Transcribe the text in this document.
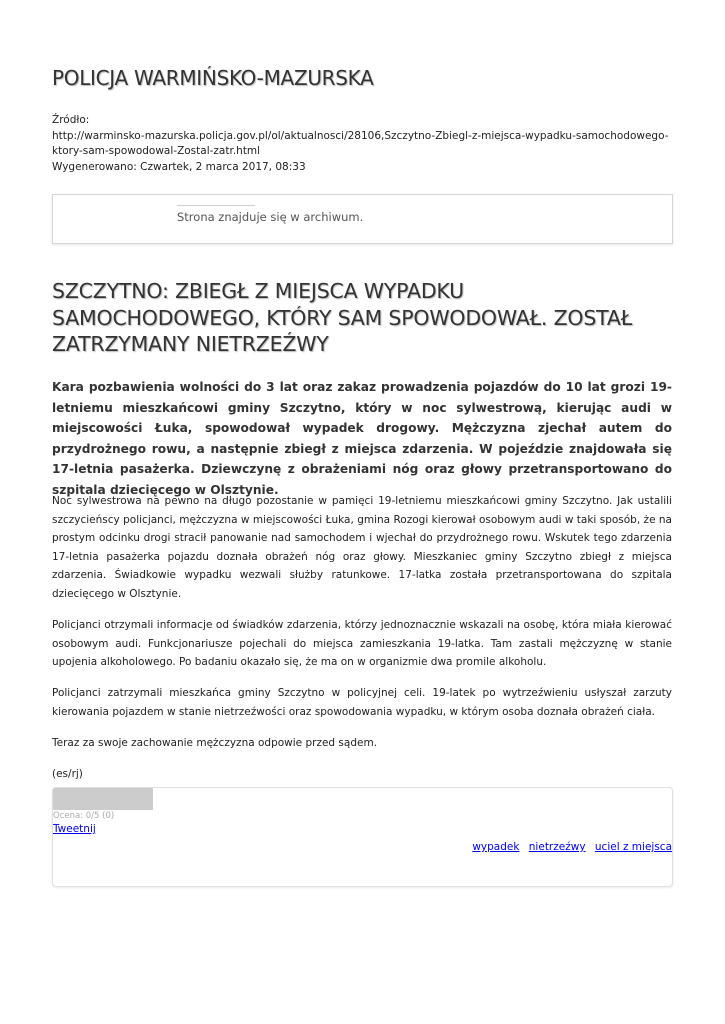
POLICJA WARMIŃSKO-MAZURSKA
Źródło:
http://warminsko-mazurska.policja.gov.pl/ol/aktualnosci/28106,Szczytno-Zbiegl-z-miejsca-wypadku-samochodowego-ktory-sam-spowodowal-Zostal-zatr.html
Wygenerowano: Czwartek, 2 marca 2017, 08:33
Strona znajduje się w archiwum.
SZCZYTNO: ZBIEGŁ Z MIEJSCA WYPADKU SAMOCHODOWEGO, KTÓRY SAM SPOWODOWAŁ. ZOSTAŁ ZATRZYMANY NIETRZEŹWY

Kara pozbawienia wolności do 3 lat oraz zakaz prowadzenia pojazdów do 10 lat grozi 19-letniemu mieszkańcowi gminy Szczytno, który w noc sylwestrową, kierując audi w miejscowości Łuka, spowodował wypadek drogowy. Mężczyzna zjechał autem do przydrożnego rowu, a następnie zbiegł z miejsca zdarzenia. W pojeździe znajdowała się 17-letnia pasażerka. Dziewczynę z obrażeniami nóg oraz głowy przetransportowano do szpitala dziecięcego w Olsztynie.

Noc sylwestrowa na pewno na długo pozostanie w pamięci 19-letniemu mieszkańcowi gminy Szczytno. Jak ustalili szczycieńscy policjanci, mężczyzna w miejscowości Łuka, gmina Rozogi kierował osobowym audi w taki sposób, że na prostym odcinku drogi stracił panowanie nad samochodem i wjechał do przydrożnego rowu. Wskutek tego zdarzenia 17-letnia pasażerka pojazdu doznała obrażeń nóg oraz głowy. Mieszkaniec gminy Szczytno zbiegł z miejsca zdarzenia. Świadkowie wypadku wezwali służby ratunkowe. 17-latka została przetransportowana do szpitala dziecięcego w Olsztynie.

Policjanci otrzymali informacje od świadków zdarzenia, którzy jednoznacznie wskazali na osobę, która miała kierować osobowym audi. Funkcjonariusze pojechali do miejsca zamieszkania 19-latka. Tam zastali mężczyznę w stanie upojenia alkoholowego. Po badaniu okazało się, że ma on w organizmie dwa promile alkoholu.

Policjanci zatrzymali mieszkańca gminy Szczytno w policyjnej celi. 19-latek po wytrzeźwieniu usłyszał zarzuty kierowania pojazdem w stanie nietrzeźwości oraz spowodowania wypadku, w którym osoba doznała obrażeń ciała.

Teraz za swoje zachowanie mężczyzna odpowie przed sądem.

(es/rj)

Ocena: 0/5 (0)
Tweetnij
wypadek nietrzeźwy uciel z miejsca
